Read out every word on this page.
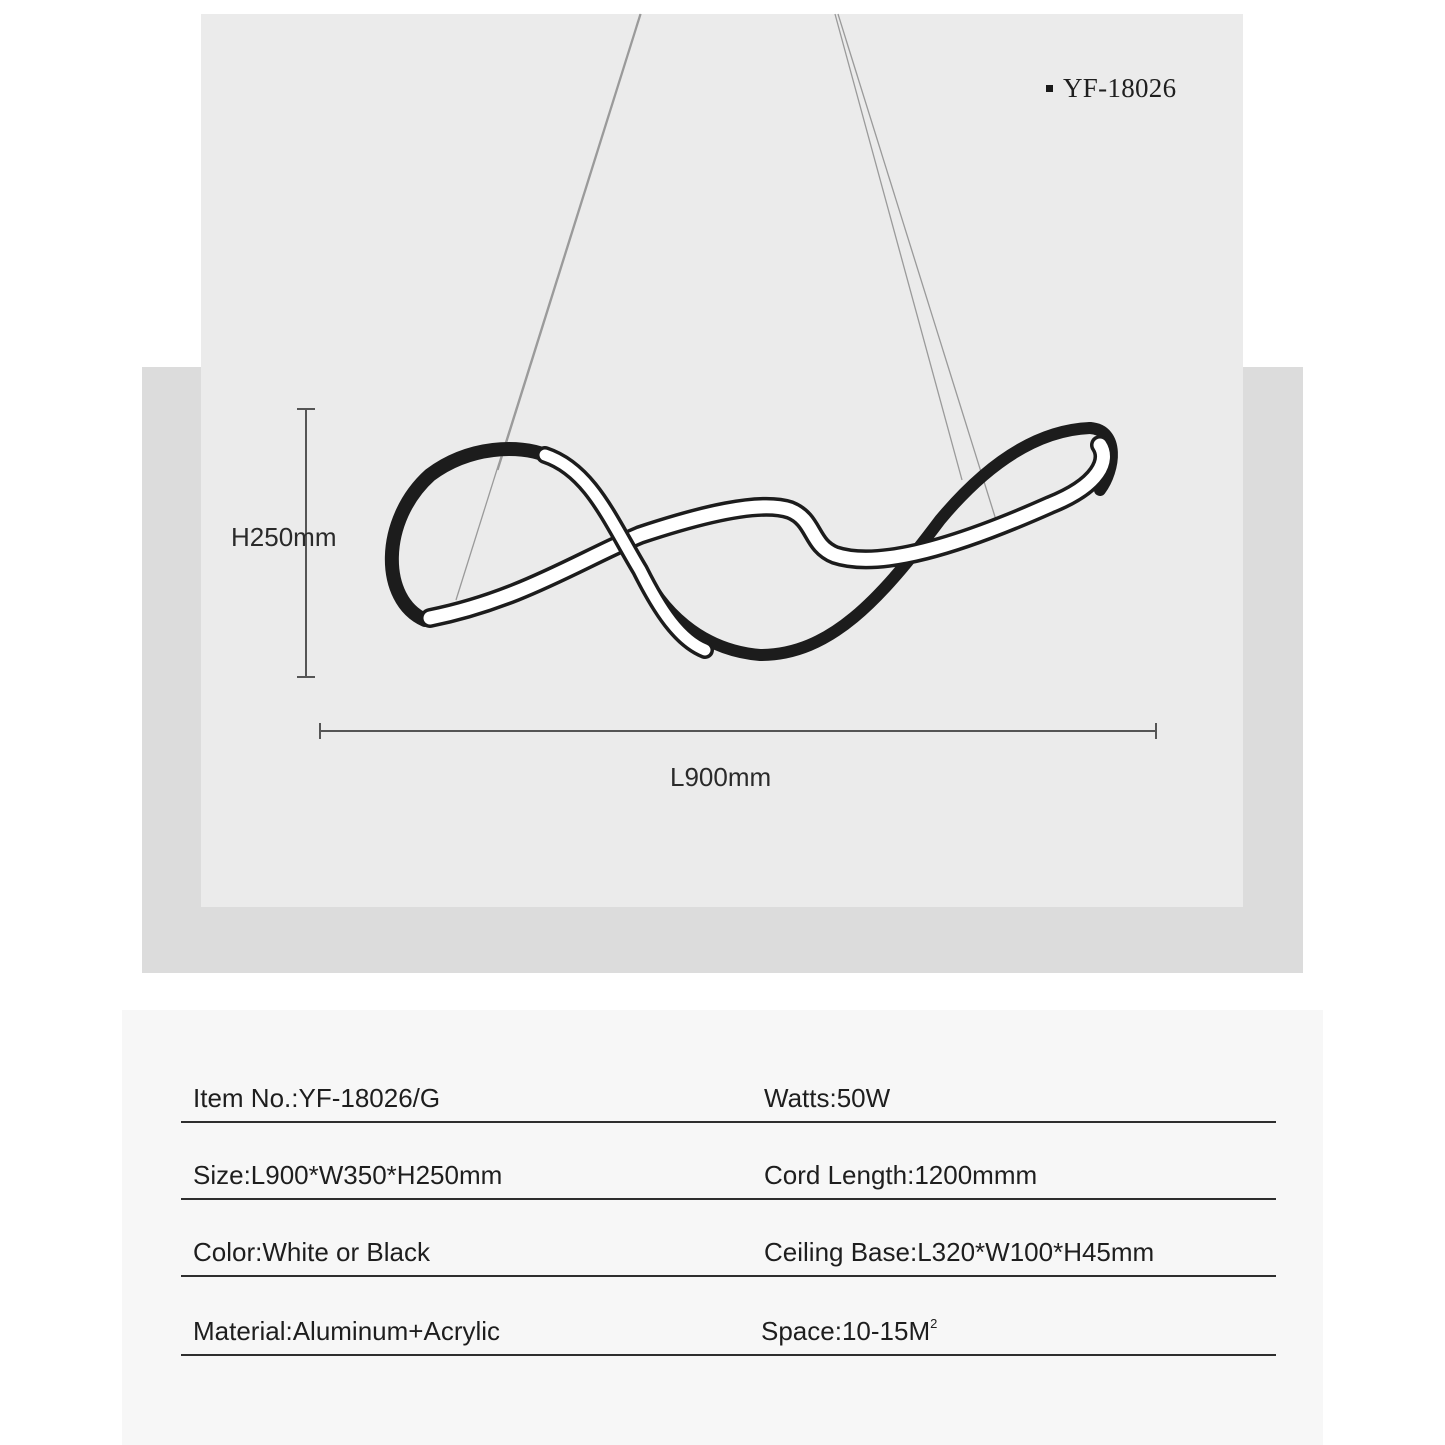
YF-18026
H250mm
L900mm
Item No.:YF-18026/G	Watts:50W
Size:L900*W350*H250mm	Cord Length:1200mmm
Color:White or Black	Ceiling Base:L320*W100*H45mm
Material:Aluminum+Acrylic	$Space:10-15M^2$
